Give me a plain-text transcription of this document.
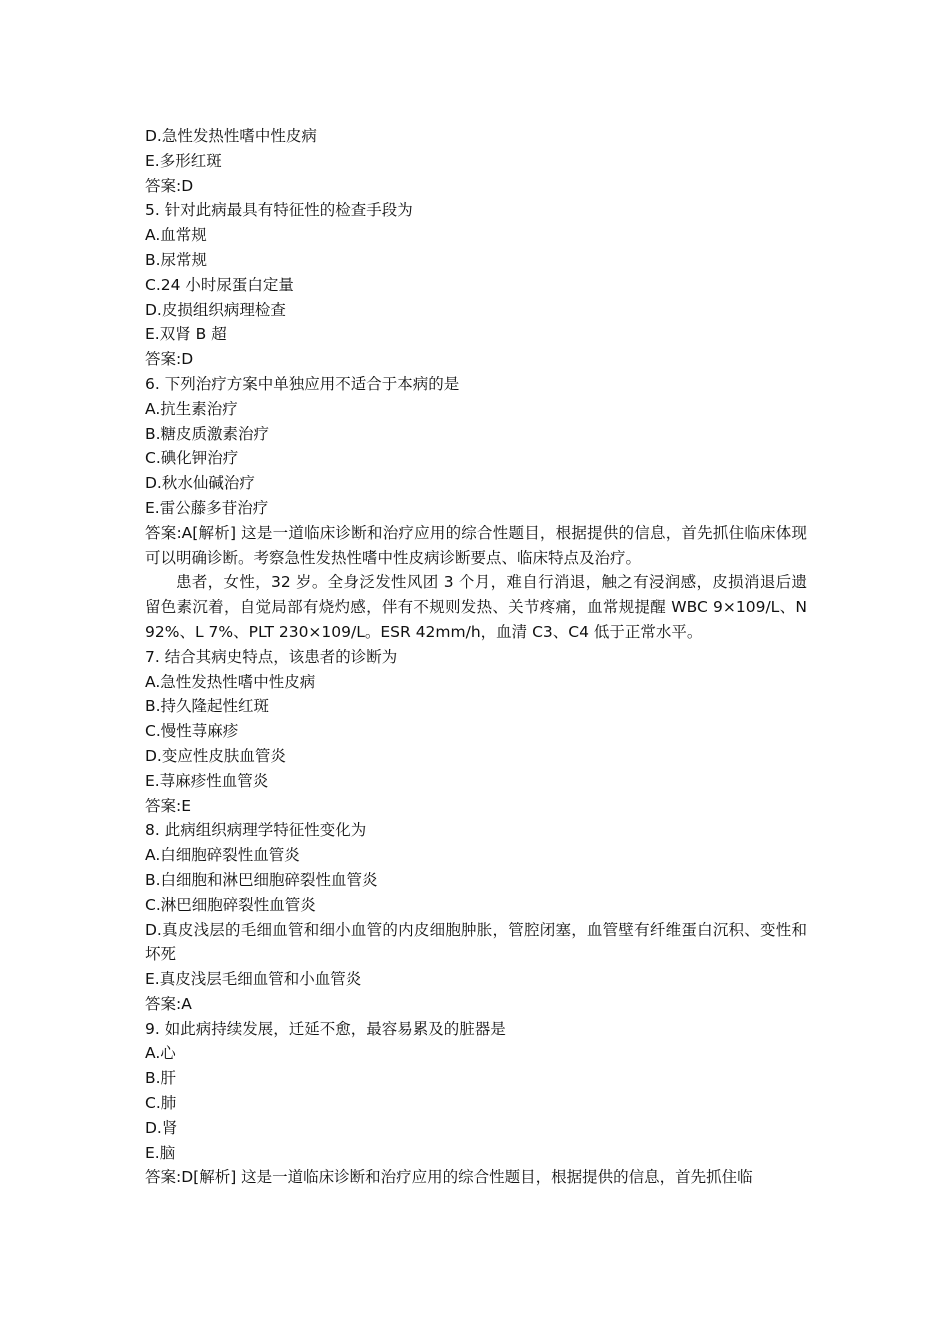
D.急性发热性嗜中性皮病
E.多形红斑
答案:D
5. 针对此病最具有特征性的检查手段为
A.血常规
B.尿常规
C.24 小时尿蛋白定量
D.皮损组织病理检查
E.双肾 B 超
答案:D
6. 下列治疗方案中单独应用不适合于本病的是
A.抗生素治疗
B.糖皮质激素治疗
C.碘化钾治疗
D.秋水仙碱治疗
E.雷公藤多苷治疗
答案:A[解析] 这是一道临床诊断和治疗应用的综合性题目，根据提供的信息，首先抓住临床体现可以明确诊断。考察急性发热性嗜中性皮病诊断要点、临床特点及治疗。
患者，女性，32 岁。全身泛发性风团 3 个月，难自行消退，触之有浸润感，皮损消退后遗留色素沉着，自觉局部有烧灼感，伴有不规则发热、关节疼痛，血常规提醒 WBC 9×109/L、N 92%、L 7%、PLT 230×109/L。ESR 42mm/h，血清 C3、C4 低于正常水平。
7. 结合其病史特点，该患者的诊断为
A.急性发热性嗜中性皮病
B.持久隆起性红斑
C.慢性荨麻疹
D.变应性皮肤血管炎
E.荨麻疹性血管炎
答案:E
8. 此病组织病理学特征性变化为
A.白细胞碎裂性血管炎
B.白细胞和淋巴细胞碎裂性血管炎
C.淋巴细胞碎裂性血管炎
D.真皮浅层的毛细血管和细小血管的内皮细胞肿胀，管腔闭塞，血管壁有纤维蛋白沉积、变性和坏死
E.真皮浅层毛细血管和小血管炎
答案:A
9. 如此病持续发展，迁延不愈，最容易累及的脏器是
A.心
B.肝
C.肺
D.肾
E.脑
答案:D[解析] 这是一道临床诊断和治疗应用的综合性题目，根据提供的信息，首先抓住临
